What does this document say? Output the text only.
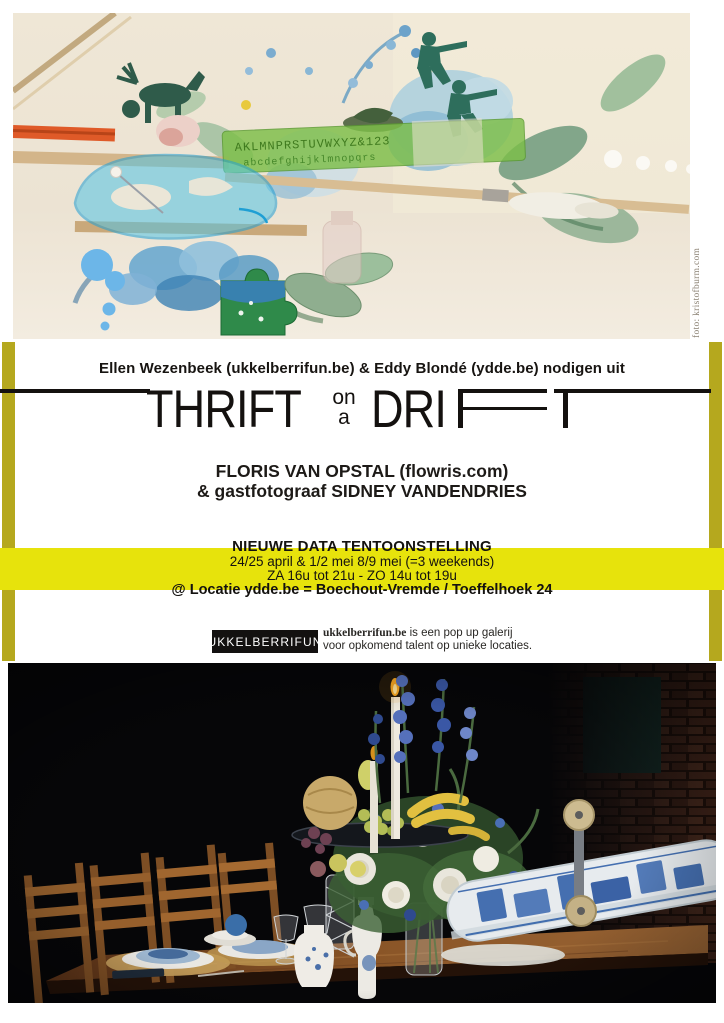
AKLMNPRSTUVWXYZ&123
abcdefghijklmnopqrs
foto: kristofburm.com
Ellen Wezenbeek (ukkelberrifun.be) & Eddy Blondé (ydde.be) nodigen uit
THRIFT	on
a DRI
FLORIS VAN OPSTAL (flowris.com)
& gastfotograaf SIDNEY VANDENDRIES
NIEUWE DATA TENTOONSTELLING
24/25 april & 1/2 mei 8/9 mei (=3 weekends)
ZA 16u tot 21u - ZO 14u tot 19u
@ Locatie ydde.be = Boechout-Vremde / Toeffelhoek 24
UKKELBERRIFUN
ukkelberrifun.be is een pop up galerij
voor opkomend talent op unieke locaties.
